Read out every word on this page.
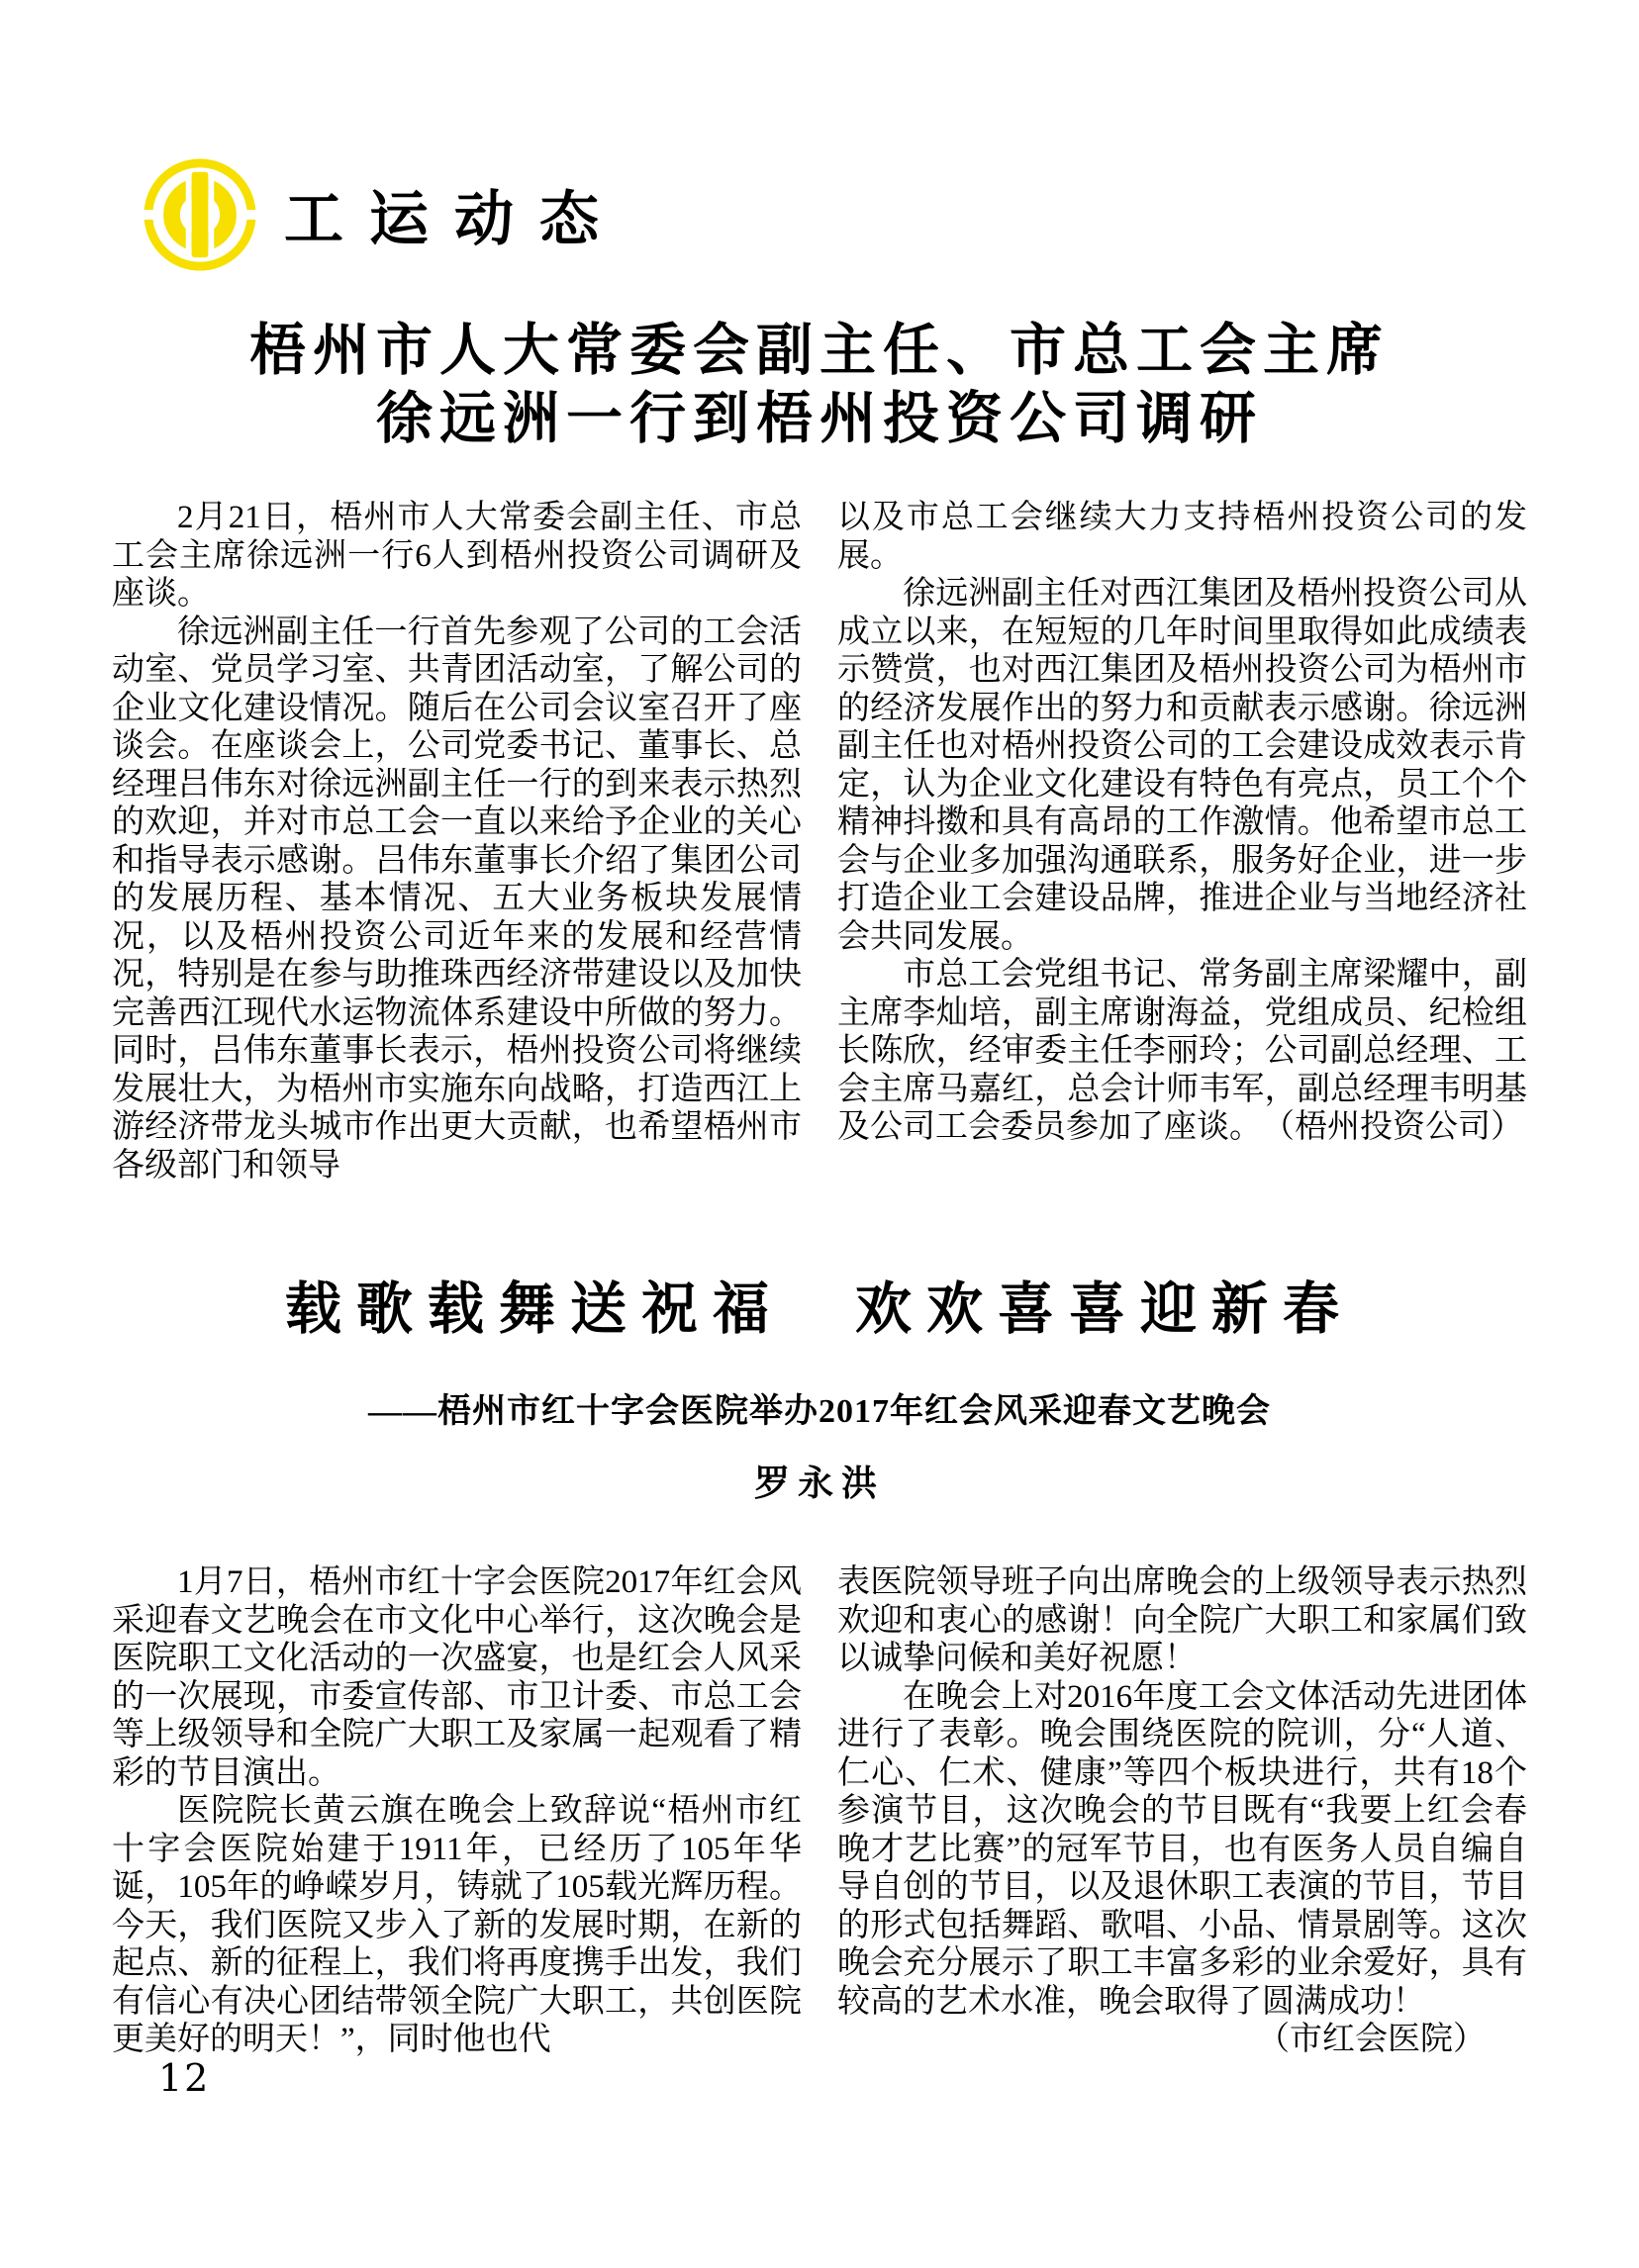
工运动态
梧州市人大常委会副主任、市总工会主席
徐远洲一行到梧州投资公司调研

2月21日，梧州市人大常委会副主任、市总工会主席徐远洲一行6人到梧州投资公司调研及座谈。

徐远洲副主任一行首先参观了公司的工会活动室、党员学习室、共青团活动室，了解公司的企业文化建设情况。随后在公司会议室召开了座谈会。在座谈会上，公司党委书记、董事长、总经理吕伟东对徐远洲副主任一行的到来表示热烈的欢迎，并对市总工会一直以来给予企业的关心和指导表示感谢。吕伟东董事长介绍了集团公司的发展历程、基本情况、五大业务板块发展情况，以及梧州投资公司近年来的发展和经营情况，特别是在参与助推珠西经济带建设以及加快完善西江现代水运物流体系建设中所做的努力。同时，吕伟东董事长表示，梧州投资公司将继续发展壮大，为梧州市实施东向战略，打造西江上游经济带龙头城市作出更大贡献，也希望梧州市各级部门和领导

以及市总工会继续大力支持梧州投资公司的发展。

徐远洲副主任对西江集团及梧州投资公司从成立以来，在短短的几年时间里取得如此成绩表示赞赏，也对西江集团及梧州投资公司为梧州市的经济发展作出的努力和贡献表示感谢。徐远洲副主任也对梧州投资公司的工会建设成效表示肯定，认为企业文化建设有特色有亮点，员工个个精神抖擞和具有高昂的工作激情。他希望市总工会与企业多加强沟通联系，服务好企业，进一步打造企业工会建设品牌，推进企业与当地经济社会共同发展。

市总工会党组书记、常务副主席梁耀中，副主席李灿培，副主席谢海益，党组成员、纪检组长陈欣，经审委主任李丽玲；公司副总经理、工会主席马嘉红，总会计师韦军，副总经理韦明基及公司工会委员参加了座谈。　（梧州投资公司）

载歌载舞送祝福　欢欢喜喜迎新春
——梧州市红十字会医院举办2017年红会风采迎春文艺晚会
罗永洪

1月7日，梧州市红十字会医院2017年红会风采迎春文艺晚会在市文化中心举行，这次晚会是医院职工文化活动的一次盛宴，也是红会人风采的一次展现，市委宣传部、市卫计委、市总工会等上级领导和全院广大职工及家属一起观看了精彩的节目演出。

医院院长黄云旗在晚会上致辞说“梧州市红十字会医院始建于1911年，已经历了105年华诞，105年的峥嵘岁月，铸就了105载光辉历程。今天，我们医院又步入了新的发展时期，在新的起点、新的征程上，我们将再度携手出发，我们有信心有决心团结带领全院广大职工，共创医院更美好的明天！”，同时他也代

表医院领导班子向出席晚会的上级领导表示热烈欢迎和衷心的感谢！向全院广大职工和家属们致以诚挚问候和美好祝愿！

在晚会上对2016年度工会文体活动先进团体进行了表彰。晚会围绕医院的院训，分“人道、仁心、仁术、健康”等四个板块进行，共有18个参演节目，这次晚会的节目既有“我要上红会春晚才艺比赛”的冠军节目，也有医务人员自编自导自创的节目，以及退休职工表演的节目，节目的形式包括舞蹈、歌唱、小品、情景剧等。这次晚会充分展示了职工丰富多彩的业余爱好，具有较高的艺术水准，晚会取得了圆满成功！

（市红会医院）

12
